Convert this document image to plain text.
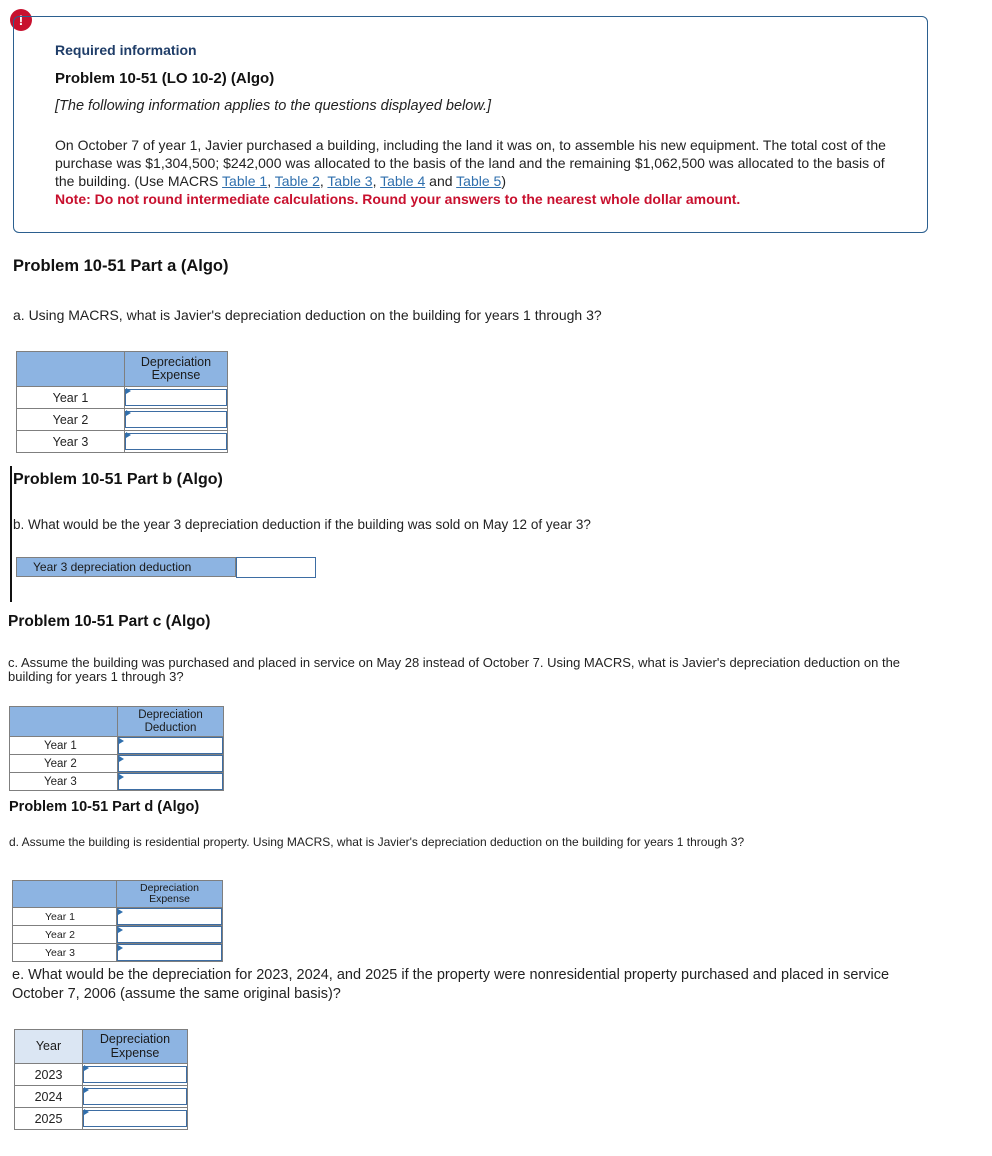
!
Required information
Problem 10-51 (LO 10-2) (Algo)
[The following information applies to the questions displayed below.]
On October 7 of year 1, Javier purchased a building, including the land it was on, to assemble his new equipment. The total cost of the purchase was $1,304,500; $242,000 was allocated to the basis of the land and the remaining $1,062,500 was allocated to the basis of the building. (Use MACRS Table 1, Table 2, Table 3, Table 4 and Table 5)
Note: Do not round intermediate calculations. Round your answers to the nearest whole dollar amount.
Problem 10-51 Part a (Algo)
a. Using MACRS, what is Javier's depreciation deduction on the building for years 1 through 3?
	Depreciation Expense
Year 1	

Year 2	

Year 3	
Problem 10-51 Part b (Algo)
b. What would be the year 3 depreciation deduction if the building was sold on May 12 of year 3?
Year 3 depreciation deduction
Problem 10-51 Part c (Algo)
c. Assume the building was purchased and placed in service on May 28 instead of October 7. Using MACRS, what is Javier's depreciation deduction on the building for years 1 through 3?
	Depreciation Deduction
Year 1	

Year 2	

Year 3	
Problem 10-51 Part d (Algo)
d. Assume the building is residential property. Using MACRS, what is Javier's depreciation deduction on the building for years 1 through 3?
	Depreciation Expense
Year 1	

Year 2	

Year 3	
e. What would be the depreciation for 2023, 2024, and 2025 if the property were nonresidential property purchased and placed in service October 7, 2006 (assume the same original basis)?
Year	Depreciation Expense
2023	

2024	

2025	
